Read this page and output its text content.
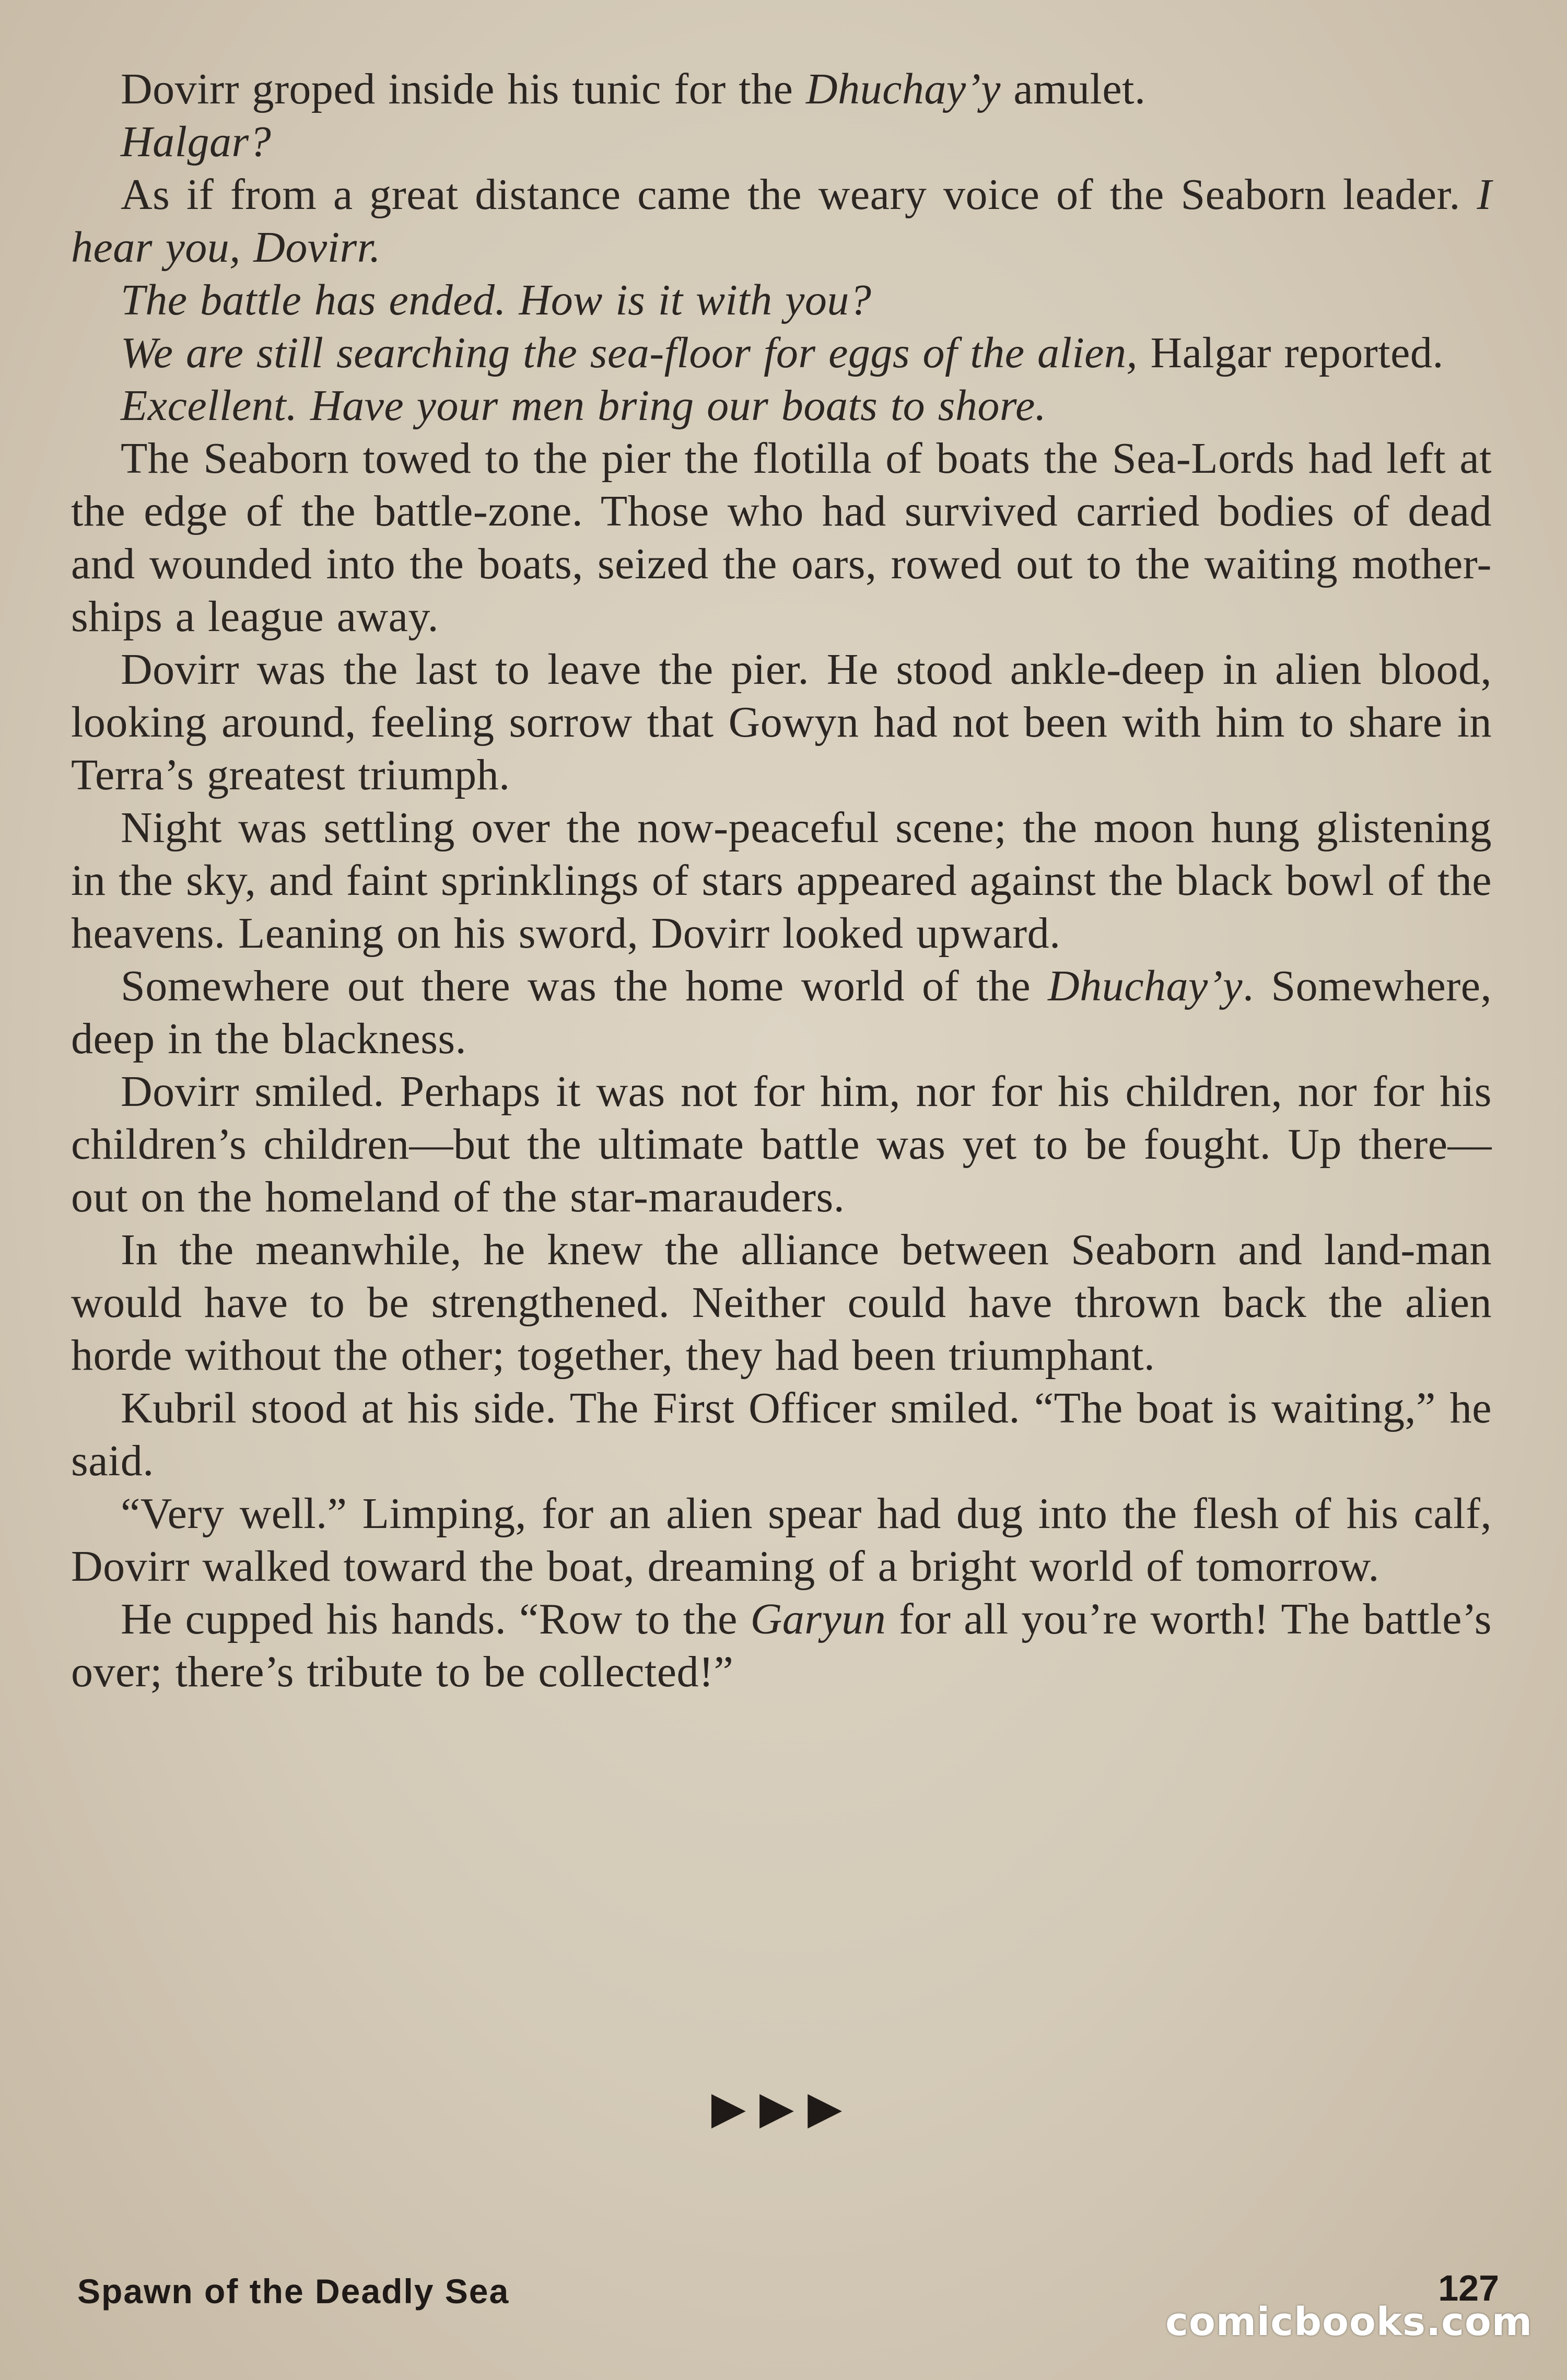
Dovirr groped inside his tunic for the Dhuchay’y amulet.

Halgar?

As if from a great distance came the weary voice of the Seaborn leader. I hear you, Dovirr.

The battle has ended. How is it with you?

We are still searching the sea-floor for eggs of the alien, Halgar reported.

Excellent. Have your men bring our boats to shore.

The Seaborn towed to the pier the flotilla of boats the Sea-Lords had left at the edge of the battle-zone. Those who had survived carried bodies of dead and wounded into the boats, seized the oars, rowed out to the waiting mother-ships a league away.

Dovirr was the last to leave the pier. He stood ankle-deep in alien blood, looking around, feeling sorrow that Gowyn had not been with him to share in Terra’s greatest triumph.

Night was settling over the now-peaceful scene; the moon hung glistening in the sky, and faint sprinklings of stars appeared against the black bowl of the heavens. Leaning on his sword, Dovirr looked upward.

Somewhere out there was the home world of the Dhuchay’y. Somewhere, deep in the blackness.

Dovirr smiled. Perhaps it was not for him, nor for his children, nor for his children’s children—but the ultimate battle was yet to be fought. Up there—out on the homeland of the star-marauders.

In the meanwhile, he knew the alliance between Seaborn and land-man would have to be strengthened. Neither could have thrown back the alien horde without the other; together, they had been triumphant.

Kubril stood at his side. The First Officer smiled. “The boat is waiting,” he said.

“Very well.” Limping, for an alien spear had dug into the flesh of his calf, Dovirr walked toward the boat, dreaming of a bright world of tomorrow.

He cupped his hands. “Row to the Garyun for all you’re worth! The battle’s over; there’s tribute to be collected!”

▶▶▶
Spawn of the Deadly Sea	127
comicbooks.com
